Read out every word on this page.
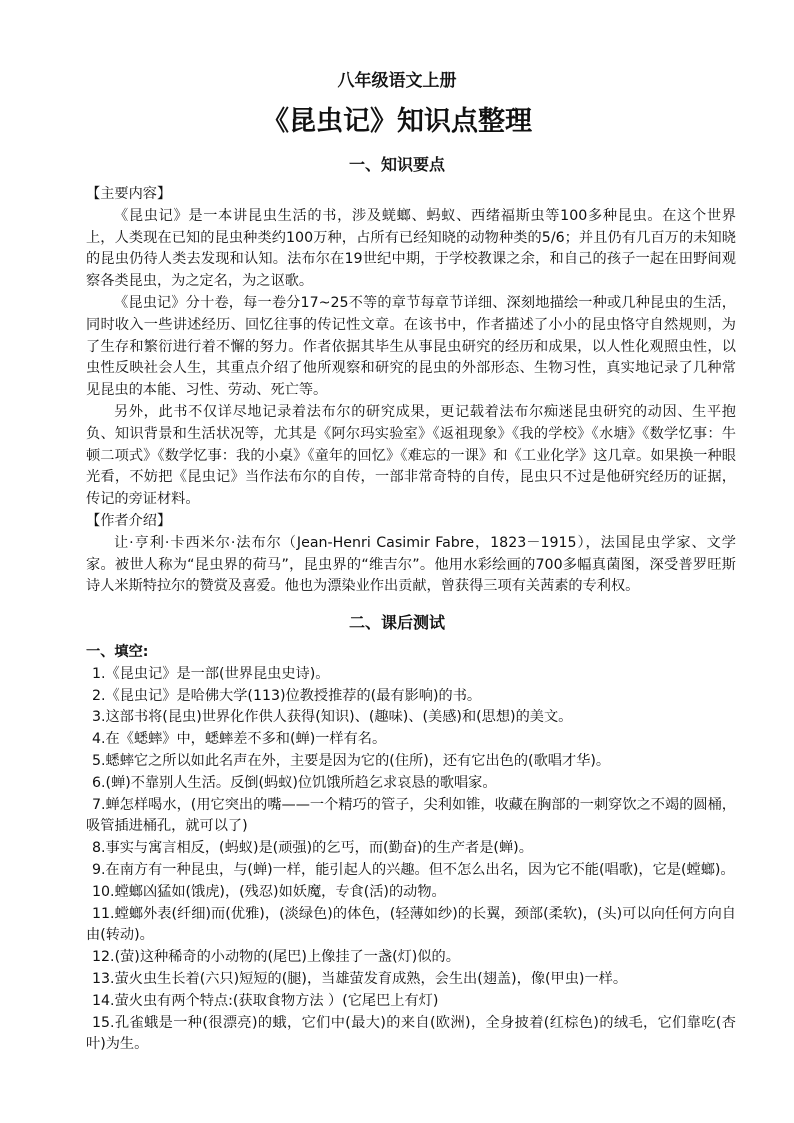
八年级语文上册
《昆虫记》知识点整理
一、知识要点

【主要内容】

《昆虫记》是一本讲昆虫生活的书，涉及蜣螂、蚂蚁、西绪福斯虫等100多种昆虫。在这个世界上，人类现在已知的昆虫种类约100万种，占所有已经知晓的动物种类的5/6；并且仍有几百万的未知晓的昆虫仍待人类去发现和认知。法布尔在19世纪中期，于学校教课之余，和自己的孩子一起在田野间观察各类昆虫，为之定名，为之讴歌。

《昆虫记》分十卷，每一卷分17~25不等的章节每章节详细、深刻地描绘一种或几种昆虫的生活，同时收入一些讲述经历、回忆往事的传记性文章。在该书中，作者描述了小小的昆虫恪守自然规则，为了生存和繁衍进行着不懈的努力。作者依据其毕生从事昆虫研究的经历和成果，以人性化观照虫性，以虫性反映社会人生，其重点介绍了他所观察和研究的昆虫的外部形态、生物习性，真实地记录了几种常见昆虫的本能、习性、劳动、死亡等。

另外，此书不仅详尽地记录着法布尔的研究成果，更记载着法布尔痴迷昆虫研究的动因、生平抱负、知识背景和生活状况等，尤其是《阿尔玛实验室》《返祖现象》《我的学校》《水塘》《数学忆事：牛顿二项式》《数学忆事：我的小桌》《童年的回忆》《难忘的一课》和《工业化学》这几章。如果换一种眼光看，不妨把《昆虫记》当作法布尔的自传，一部非常奇特的自传，昆虫只不过是他研究经历的证据，传记的旁证材料。

【作者介绍】

让·亨利·卡西米尔·法布尔（Jean-Henri Casimir Fabre，1823－1915），法国昆虫学家、文学家。被世人称为“昆虫界的荷马”，昆虫界的“维吉尔”。他用水彩绘画的700多幅真菌图，深受普罗旺斯诗人米斯特拉尔的赞赏及喜爱。他也为漂染业作出贡献，曾获得三项有关茜素的专利权。

二、课后测试

一、填空:

1.《昆虫记》是一部(世界昆虫史诗)。

2.《昆虫记》是哈佛大学(113)位教授推荐的(最有影响)的书。

3.这部书将(昆虫)世界化作供人获得(知识)、(趣味)、(美感)和(思想)的美文。

4.在《蟋蟀》中，蟋蟀差不多和(蝉)一样有名。

5.蟋蟀它之所以如此名声在外，主要是因为它的(住所)，还有它出色的(歌唱才华)。

6.(蝉)不靠别人生活。反倒(蚂蚁)位饥饿所趋乞求哀恳的歌唱家。

7.蝉怎样喝水，(用它突出的嘴——一个精巧的管子，尖利如锥，收藏在胸部的一刺穿饮之不竭的圆桶，吸管插进桶孔，就可以了)

8.事实与寓言相反，(蚂蚁)是(顽强)的乞丐，而(勤奋)的生产者是(蝉)。

9.在南方有一种昆虫，与(蝉)一样，能引起人的兴趣。但不怎么出名，因为它不能(唱歌)，它是(螳螂)。

10.螳螂凶猛如(饿虎)，(残忍)如妖魔，专食(活)的动物。

11.螳螂外表(纤细)而(优雅)，(淡绿色)的体色，(轻薄如纱)的长翼，颈部(柔软)，(头)可以向任何方向自由(转动)。

12.(萤)这种稀奇的小动物的(尾巴)上像挂了一盏(灯)似的。

13.萤火虫生长着(六只)短短的(腿)，当雄萤发育成熟，会生出(翅盖)，像(甲虫)一样。

14.萤火虫有两个特点:(获取食物方法 ）(它尾巴上有灯)

15.孔雀蛾是一种(很漂亮)的蛾，它们中(最大)的来自(欧洲)，全身披着(红棕色)的绒毛，它们靠吃(杏叶)为生。
